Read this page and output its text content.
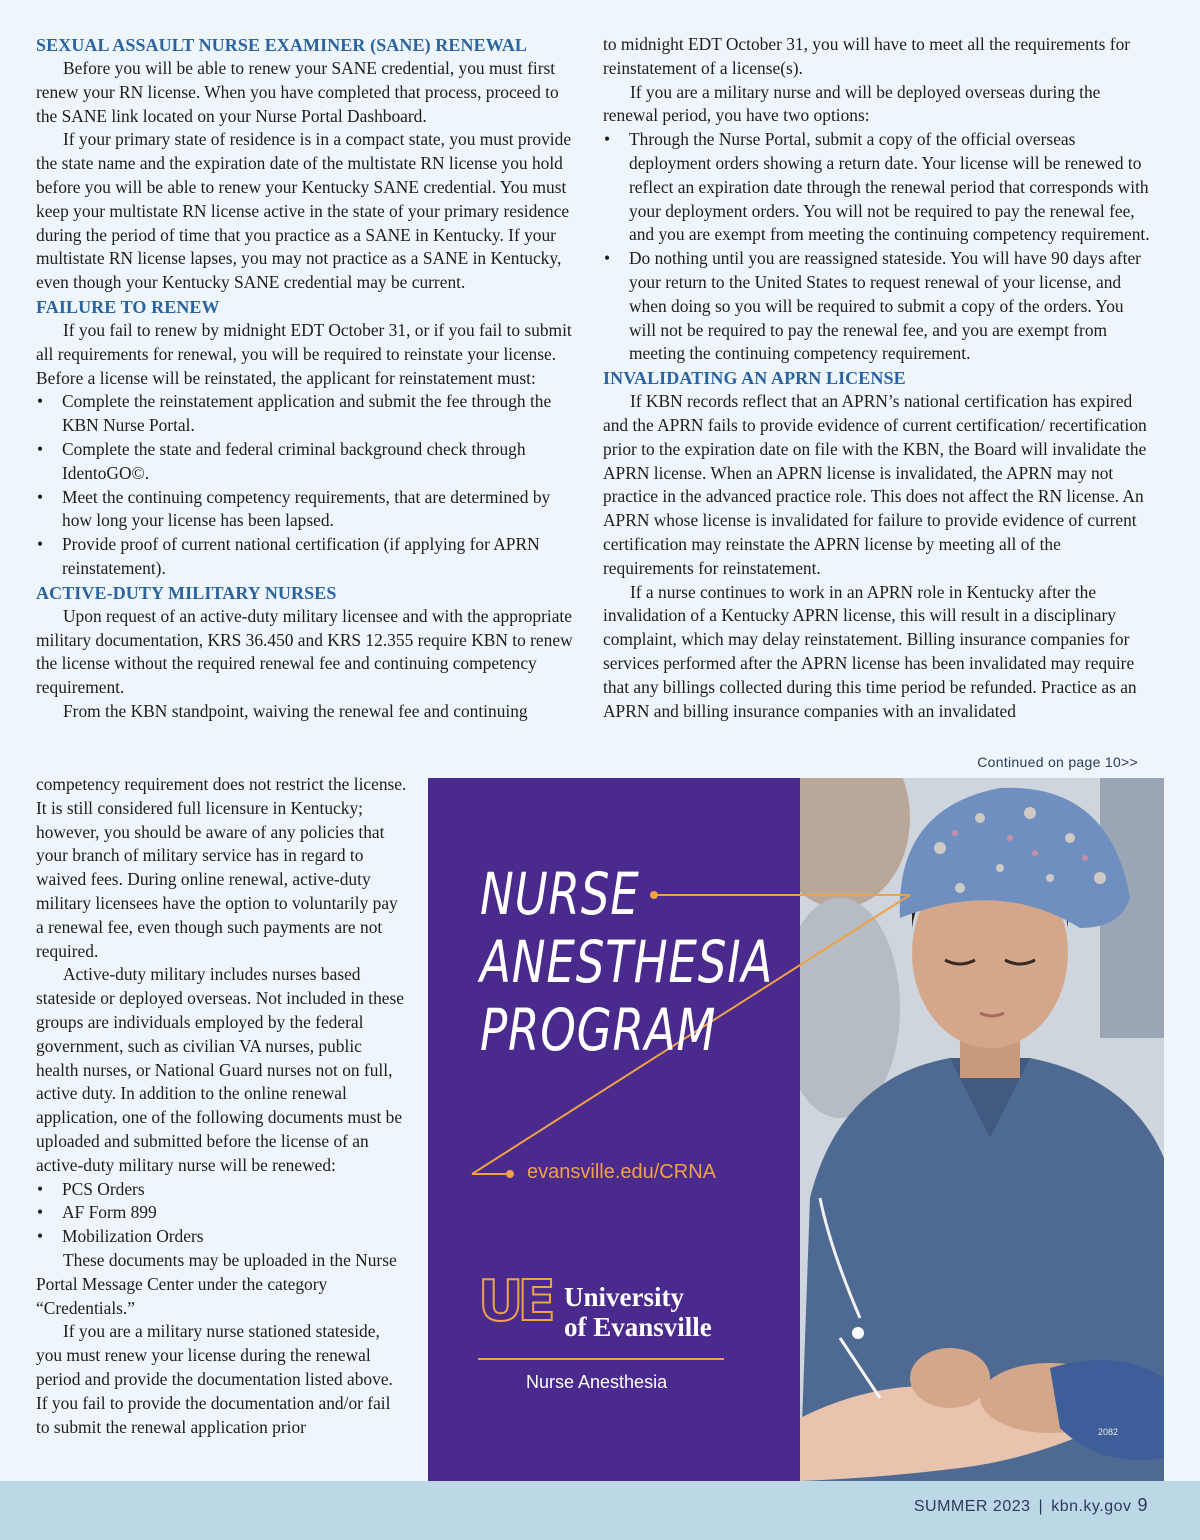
SEXUAL ASSAULT NURSE EXAMINER (SANE) RENEWAL

Before you will be able to renew your SANE credential, you must first renew your RN license. When you have completed that process, proceed to the SANE link located on your Nurse Portal Dashboard.

If your primary state of residence is in a compact state, you must provide the state name and the expiration date of the multistate RN license you hold before you will be able to renew your Kentucky SANE credential. You must keep your multistate RN license active in the state of your primary residence during the period of time that you practice as a SANE in Kentucky. If your multistate RN license lapses, you may not practice as a SANE in Kentucky, even though your Kentucky SANE credential may be current.

FAILURE TO RENEW

If you fail to renew by midnight EDT October 31, or if you fail to submit all requirements for renewal, you will be required to reinstate your license. Before a license will be reinstated, the applicant for reinstatement must:

• Complete the reinstatement application and submit the fee through the KBN Nurse Portal.
• Complete the state and federal criminal background check through IdentoGO©.
• Meet the continuing competency requirements, that are determined by how long your license has been lapsed.
• Provide proof of current national certification (if applying for APRN reinstatement).
ACTIVE-DUTY MILITARY NURSES

Upon request of an active-duty military licensee and with the appropriate military documentation, KRS 36.450 and KRS 12.355 require KBN to renew the license without the required renewal fee and continuing competency requirement.

From the KBN standpoint, waiving the renewal fee and continuing

competency requirement does not restrict the license. It is still considered full licensure in Kentucky; however, you should be aware of any policies that your branch of military service has in regard to waived fees. During online renewal, active-duty military licensees have the option to voluntarily pay a renewal fee, even though such payments are not required.

Active-duty military includes nurses based stateside or deployed overseas. Not included in these groups are individuals employed by the federal government, such as civilian VA nurses, public health nurses, or National Guard nurses not on full, active duty. In addition to the online renewal application, one of the following documents must be uploaded and submitted before the license of an active-duty military nurse will be renewed:

• PCS Orders
• AF Form 899
• Mobilization Orders

These documents may be uploaded in the Nurse Portal Message Center under the category “Credentials.”

If you are a military nurse stationed stateside, you must renew your license during the renewal period and provide the documentation listed above. If you fail to provide the documentation and/or fail to submit the renewal application prior

to midnight EDT October 31, you will have to meet all the requirements for reinstatement of a license(s).

If you are a military nurse and will be deployed overseas during the renewal period, you have two options:

• Through the Nurse Portal, submit a copy of the official overseas deployment orders showing a return date. Your license will be renewed to reflect an expiration date through the renewal period that corresponds with your deployment orders. You will not be required to pay the renewal fee, and you are exempt from meeting the continuing competency requirement.
• Do nothing until you are reassigned stateside. You will have 90 days after your return to the United States to request renewal of your license, and when doing so you will be required to submit a copy of the orders. You will not be required to pay the renewal fee, and you are exempt from meeting the continuing competency requirement.
INVALIDATING AN APRN LICENSE

If KBN records reflect that an APRN’s national certification has expired and the APRN fails to provide evidence of current certification/ recertification prior to the expiration date on file with the KBN, the Board will invalidate the APRN license. When an APRN license is invalidated, the APRN may not practice in the advanced practice role. This does not affect the RN license. An APRN whose license is invalidated for failure to provide evidence of current certification may reinstate the APRN license by meeting all of the requirements for reinstatement.

If a nurse continues to work in an APRN role in Kentucky after the invalidation of a Kentucky APRN license, this will result in a disciplinary complaint, which may delay reinstatement. Billing insurance companies for services performed after the APRN license has been invalidated may require that any billings collected during this time period be refunded. Practice as an APRN and billing insurance companies with an invalidated

Continued on page 10>>
NURSE
ANESTHESIA
PROGRAM
evansville.edu/CRNA
UE University
of Evansville
Nurse Anesthesia
2082
SUMMER 2023 | kbn.ky.gov 9
